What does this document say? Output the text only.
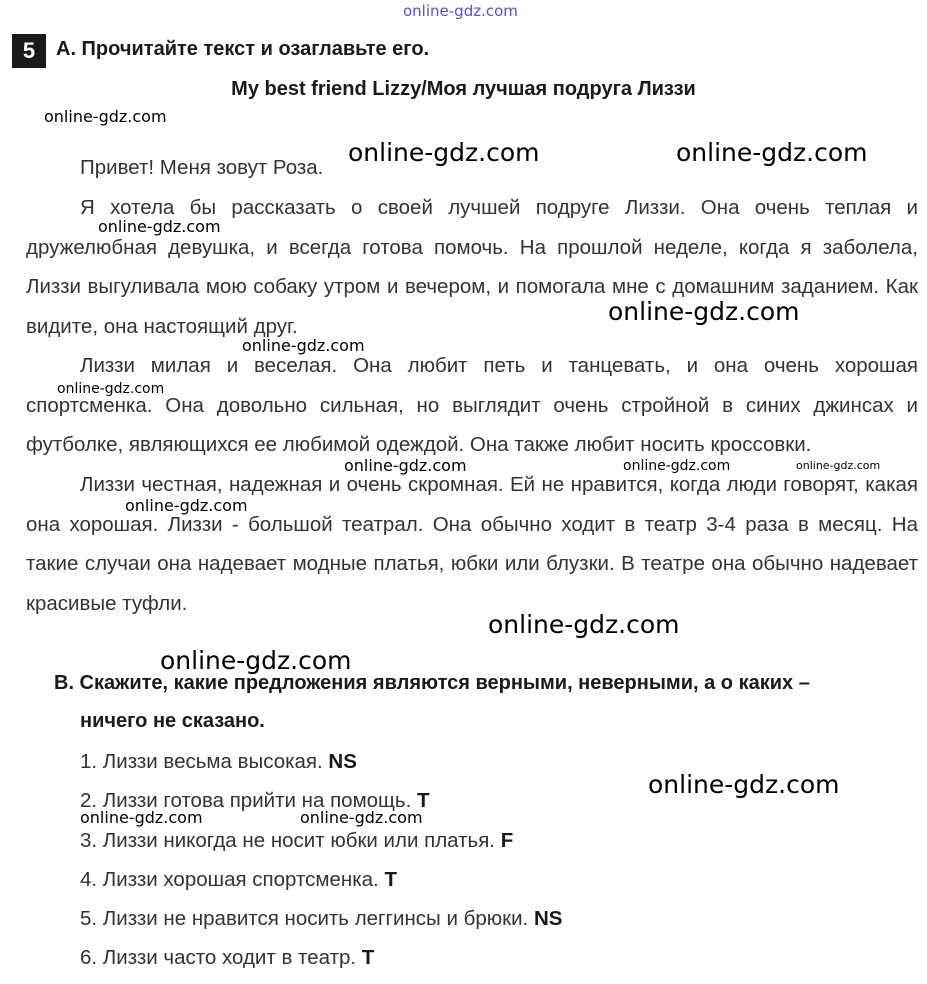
online-gdz.com
online-gdz.com
online-gdz.com	online-gdz.com
online-gdz.com
online-gdz.com
online-gdz.com
online-gdz.com
online-gdz.com	online-gdz.com	online-gdz.com
online-gdz.com
online-gdz.com
online-gdz.com
online-gdz.com
online-gdz.com	online-gdz.com
5	A. Прочитайте текст и озаглавьте его.
My best friend Lizzy/Моя лучшая подруга Лиззи

Привет! Меня зовут Роза.

Я хотела бы рассказать о своей лучшей подруге Лиззи. Она очень теплая и дружелюбная девушка, и всегда готова помочь. На прошлой неделе, когда я заболела, Лиззи выгуливала мою собаку утром и вечером, и помогала мне с домашним заданием. Как видите, она настоящий друг.

Лиззи милая и веселая. Она любит петь и танцевать, и она очень хорошая спортсменка. Она довольно сильная, но выглядит очень стройной в синих джинсах и футболке, являющихся ее любимой одеждой. Она также любит носить кроссовки.

Лиззи честная, надежная и очень скромная. Ей не нравится, когда люди говорят, какая она хорошая. Лиззи - большой театрал. Она обычно ходит в театр 3-4 раза в месяц. На такие случаи она надевает модные платья, юбки или блузки. В театре она обычно надевает красивые туфли.

B. Скажите, какие предложения являются верными, неверными, а о каких –
ничего не сказано.
1. Лиззи весьма высокая. NS
2. Лиззи готова прийти на помощь. T
3. Лиззи никогда не носит юбки или платья. F
4. Лиззи хорошая спортсменка. T
5. Лиззи не нравится носить леггинсы и брюки. NS
6. Лиззи часто ходит в театр. T
